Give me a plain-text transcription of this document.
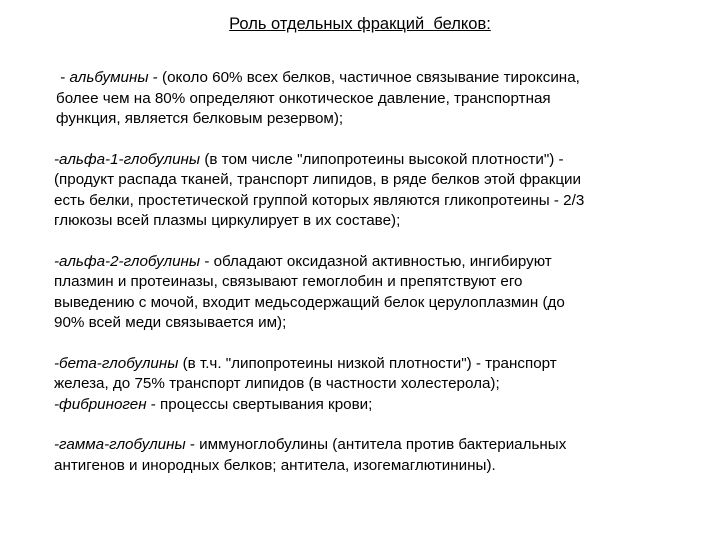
Роль отдельных фракций  белков:

- альбумины - (около 60% всех белков, частичное связывание тироксина,
более чем на 80% определяют онкотическое давление, транспортная
функция, является белковым резервом);

-альфа-1-глобулины (в том числе "липопротеины высокой плотности") -
(продукт распада тканей, транспорт липидов, в ряде белков этой фракции
есть белки, простетической группой которых являются гликопротеины - 2/3
глюкозы всей плазмы циркулирует в их составе);

-альфа-2-глобулины - обладают оксидазной активностью, ингибируют
плазмин и протеиназы, связывают гемоглобин и препятствуют его
выведению с мочой, входит медьсодержащий белок церулоплазмин (до
90% всей меди связывается им);

-бета-глобулины (в т.ч. "липопротеины низкой плотности") - транспорт
железа, до 75% транспорт липидов (в частности холестерола);
-фибриноген - процессы свертывания крови;

-гамма-глобулины - иммуноглобулины (антитела против бактериальных
антигенов и инородных белков; антитела, изогемаглютинины).
